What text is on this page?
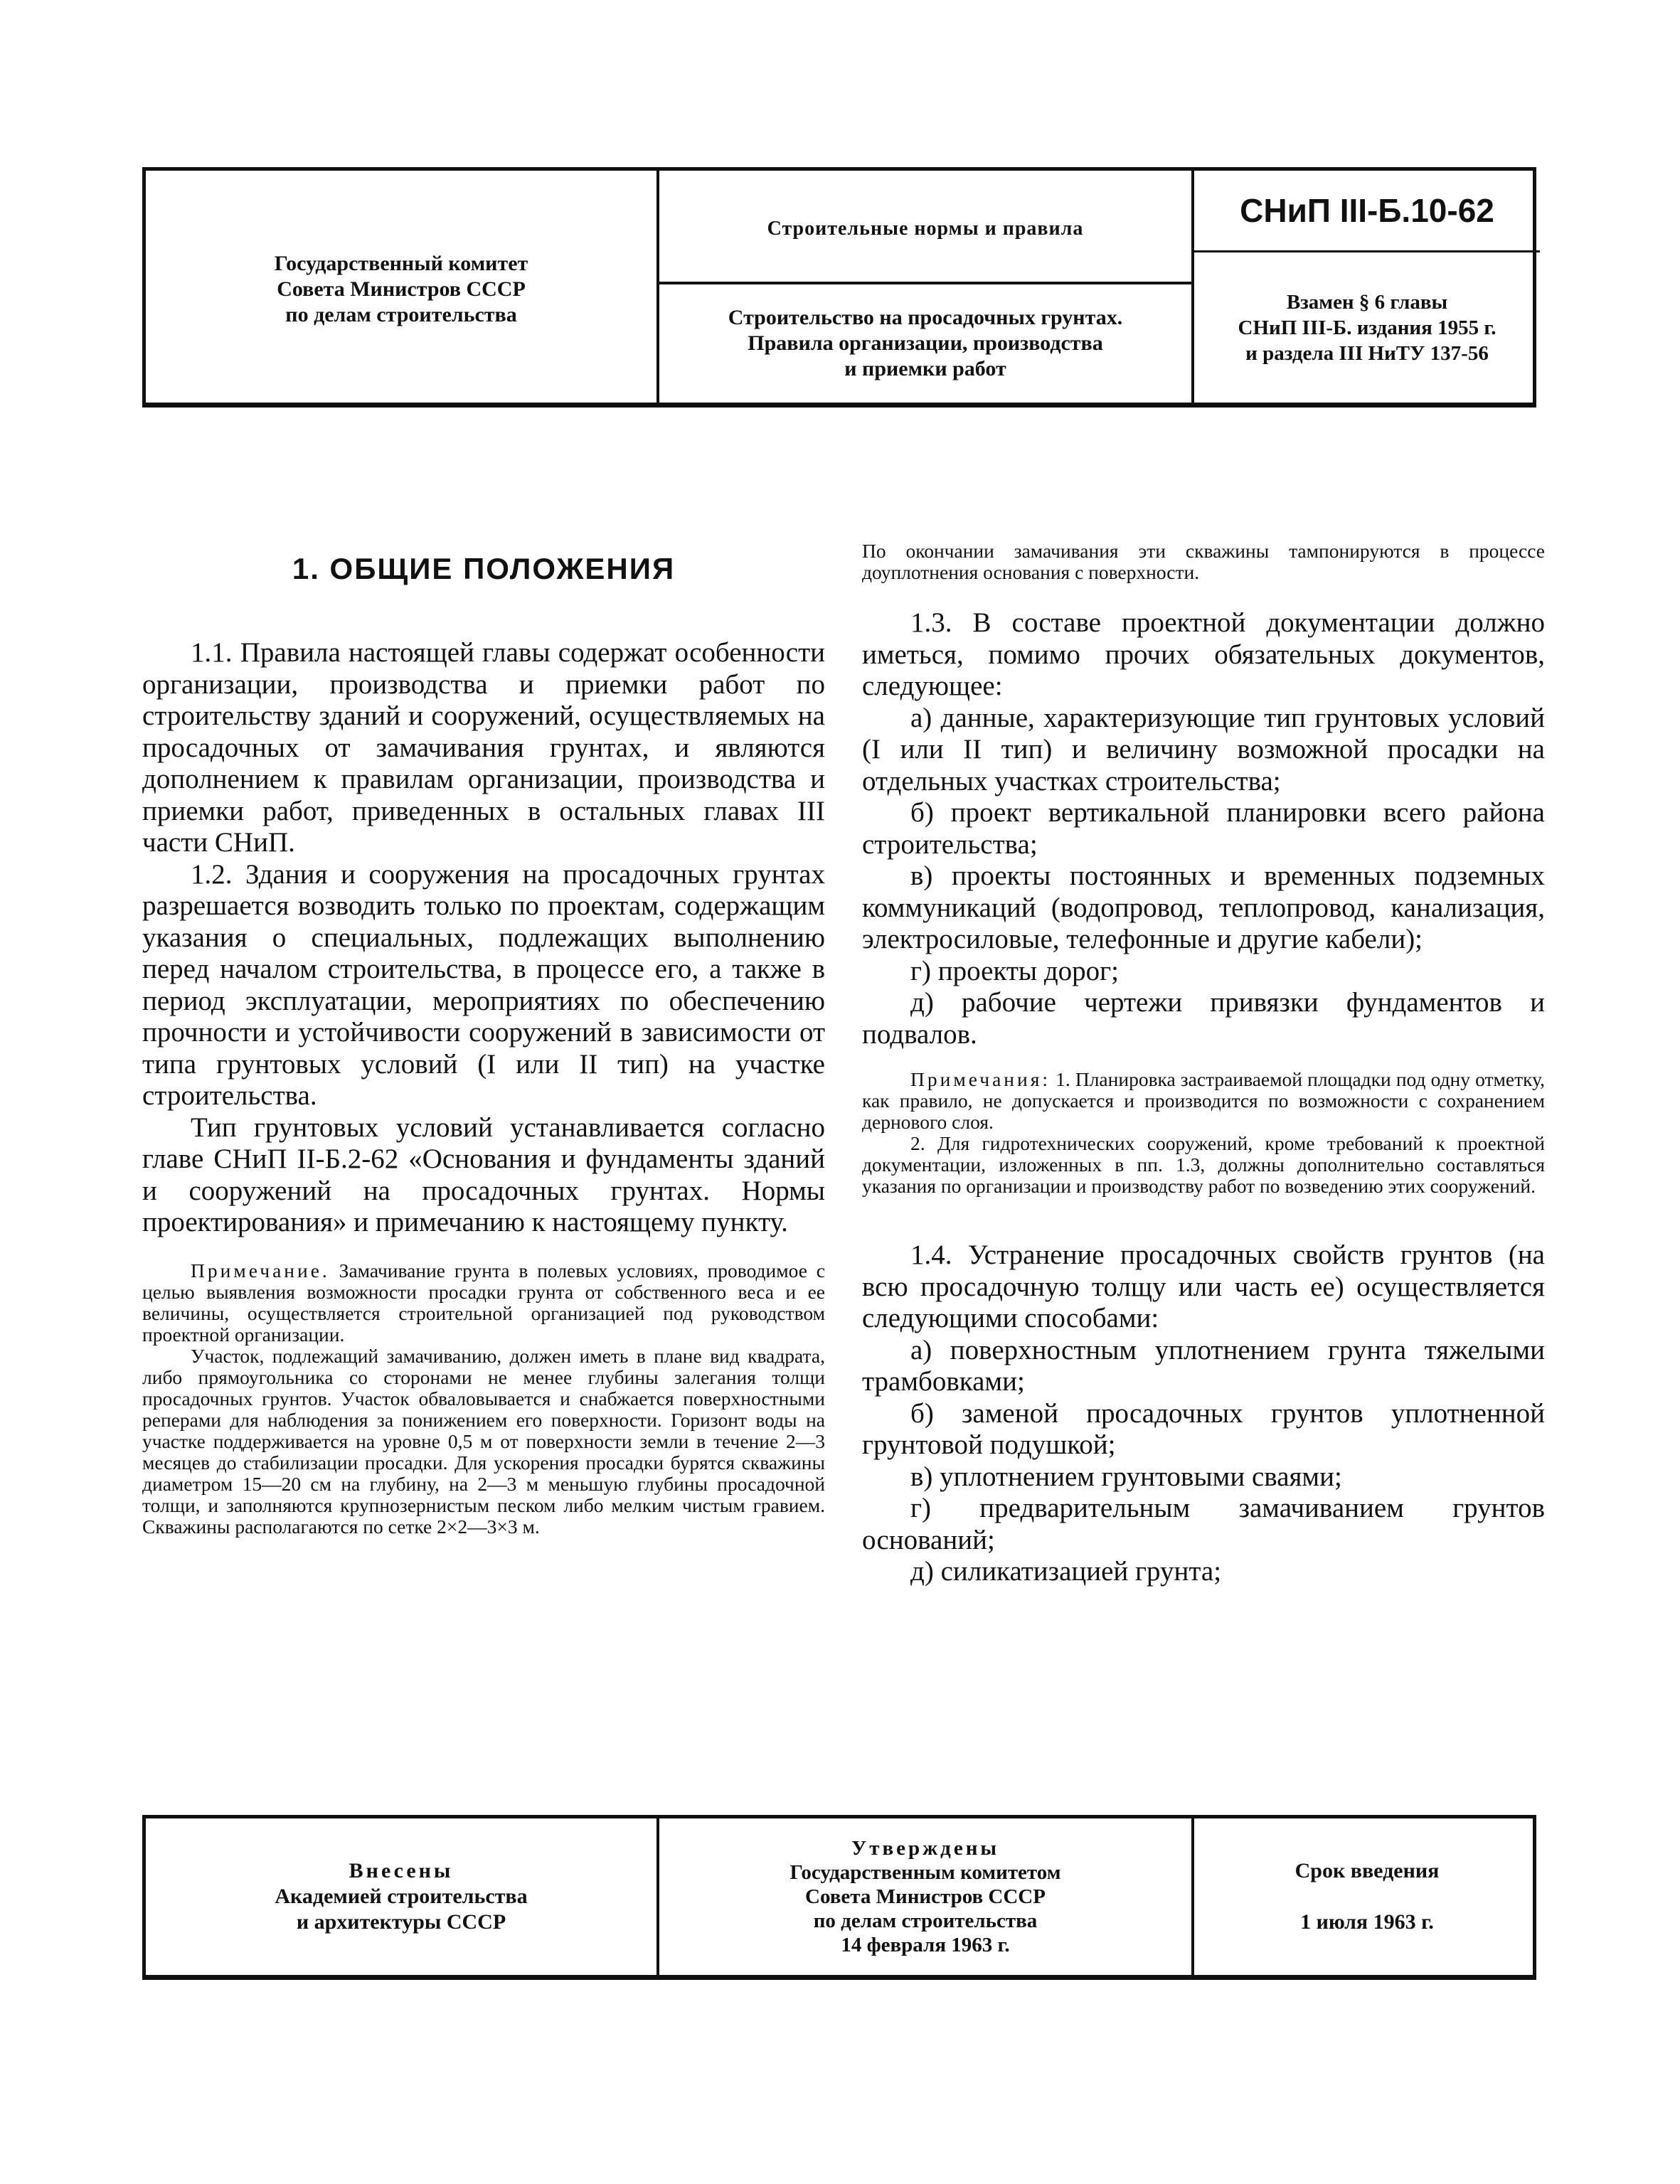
Государственный комитет
Совета Министров СССР
по делам строительства
Строительные нормы и правила
Строительство на просадочных грунтах.
Правила организации, производства
и приемки работ
СНиП III-Б.10-62
Взамен § 6 главы
СНиП III-Б. издания 1955 г.
и раздела III НиТУ 137-56
1. ОБЩИЕ ПОЛОЖЕНИЯ

1.1. Правила настоящей главы содержат особенности организации, производства и приемки работ по строительству зданий и сооружений, осуществляемых на просадочных от замачивания грунтах, и являются дополнением к правилам организации, производства и приемки работ, приведенных в остальных главах III части СНиП.

1.2. Здания и сооружения на просадочных грунтах разрешается возводить только по проектам, содержащим указания о специальных, подлежащих выполнению перед началом строительства, в процессе его, а также в период эксплуатации, мероприятиях по обеспечению прочности и устойчивости сооружений в зависимости от типа грунтовых условий (I или II тип) на участке строительства.

Тип грунтовых условий устанавливается согласно главе СНиП II-Б.2-62 «Основания и фундаменты зданий и сооружений на просадочных грунтах. Нормы проектирования» и примечанию к настоящему пункту.

Примечание. Замачивание грунта в полевых условиях, проводимое с целью выявления возможности просадки грунта от собственного веса и ее величины, осуществляется строительной организацией под руководством проектной организации.

Участок, подлежащий замачиванию, должен иметь в плане вид квадрата, либо прямоугольника со сторонами не менее глубины залегания толщи просадочных грунтов. Участок обваловывается и снабжается поверхностными реперами для наблюдения за понижением его поверхности. Горизонт воды на участке поддерживается на уровне 0,5 м от поверхности земли в течение 2—3 месяцев до стабилизации просадки. Для ускорения просадки бурятся скважины диаметром 15—20 см на глубину, на 2—3 м меньшую глубины просадочной толщи, и заполняются крупнозернистым песком либо мелким чистым гравием. Скважины располагаются по сетке 2×2—3×3 м.

По окончании замачивания эти скважины тампонируются в процессе доуплотнения основания с поверхности.

1.3. В составе проектной документации должно иметься, помимо прочих обязательных документов, следующее:

а) данные, характеризующие тип грунтовых условий (I или II тип) и величину возможной просадки на отдельных участках строительства;

б) проект вертикальной планировки всего района строительства;

в) проекты постоянных и временных подземных коммуникаций (водопровод, теплопровод, канализация, электросиловые, телефонные и другие кабели);

г) проекты дорог;

д) рабочие чертежи привязки фундаментов и подвалов.

Примечания: 1. Планировка застраиваемой площадки под одну отметку, как правило, не допускается и производится по возможности с сохранением дернового слоя.

2. Для гидротехнических сооружений, кроме требований к проектной документации, изложенных в пп. 1.3, должны дополнительно составляться указания по организации и производству работ по возведению этих сооружений.

1.4. Устранение просадочных свойств грунтов (на всю просадочную толщу или часть ее) осуществляется следующими способами:

а) поверхностным уплотнением грунта тяжелыми трамбовками;

б) заменой просадочных грунтов уплотненной грунтовой подушкой;

в) уплотнением грунтовыми сваями;

г) предварительным замачиванием грунтов оснований;

д) силикатизацией грунта;

Внесены
Академией строительства
и архитектуры СССР
Утверждены
Государственным комитетом
Совета Министров СССР
по делам строительства
14 февраля 1963 г.
Срок введения
1 июля 1963 г.
